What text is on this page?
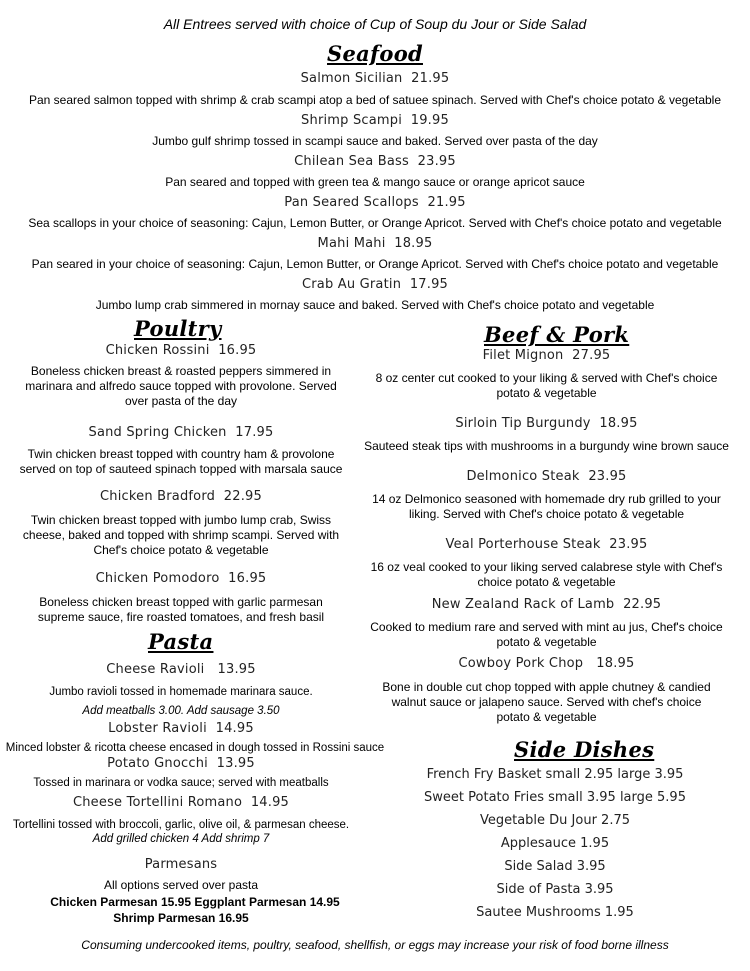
All Entrees served with choice of Cup of Soup du Jour or Side Salad
Seafood
Salmon Sicilian 21.95
Pan seared salmon topped with shrimp & crab scampi atop a bed of satuee spinach. Served with Chef's choice potato & vegetable
Shrimp Scampi 19.95
Jumbo gulf shrimp tossed in scampi sauce and baked. Served over pasta of the day
Chilean Sea Bass 23.95
Pan seared and topped with green tea & mango sauce or orange apricot sauce
Pan Seared Scallops 21.95
Sea scallops in your choice of seasoning: Cajun, Lemon Butter, or Orange Apricot. Served with Chef's choice potato and vegetable
Mahi Mahi 18.95
Pan seared in your choice of seasoning: Cajun, Lemon Butter, or Orange Apricot. Served with Chef's choice potato and vegetable
Crab Au Gratin 17.95
Jumbo lump crab simmered in mornay sauce and baked. Served with Chef's choice potato and vegetable
Poultry
Chicken Rossini 16.95
Boneless chicken breast & roasted peppers simmered in
marinara and alfredo sauce topped with provolone. Served
over pasta of the day
Sand Spring Chicken 17.95
Twin chicken breast topped with country ham & provolone
served on top of sauteed spinach topped with marsala sauce
Chicken Bradford 22.95
Twin chicken breast topped with jumbo lump crab, Swiss
cheese, baked and topped with shrimp scampi. Served with
Chef's choice potato & vegetable
Chicken Pomodoro 16.95
Boneless chicken breast topped with garlic parmesan
supreme sauce, fire roasted tomatoes, and fresh basil
Pasta
Cheese Ravioli 13.95
Jumbo ravioli tossed in homemade marinara sauce.
Add meatballs 3.00. Add sausage 3.50
Lobster Ravioli 14.95
Minced lobster & ricotta cheese encased in dough tossed in Rossini sauce
Potato Gnocchi 13.95
Tossed in marinara or vodka sauce; served with meatballs
Cheese Tortellini Romano 14.95
Tortellini tossed with broccoli, garlic, olive oil, & parmesan cheese.
Add grilled chicken 4 Add shrimp 7
Parmesans
All options served over pasta
Chicken Parmesan 15.95 Eggplant Parmesan 14.95
Shrimp Parmesan 16.95
Beef & Pork
Filet Mignon 27.95
8 oz center cut cooked to your liking & served with Chef's choice
potato & vegetable
Sirloin Tip Burgundy 18.95
Sauteed steak tips with mushrooms in a burgundy wine brown sauce
Delmonico Steak 23.95
14 oz Delmonico seasoned with homemade dry rub grilled to your
liking. Served with Chef's choice potato & vegetable
Veal Porterhouse Steak 23.95
16 oz veal cooked to your liking served calabrese style with Chef's
choice potato & vegetable
New Zealand Rack of Lamb 22.95
Cooked to medium rare and served with mint au jus, Chef's choice
potato & vegetable
Cowboy Pork Chop 18.95
Bone in double cut chop topped with apple chutney & candied
walnut sauce or jalapeno sauce. Served with chef's choice
potato & vegetable
Side Dishes
French Fry Basket small 2.95 large 3.95
Sweet Potato Fries small 3.95 large 5.95
Vegetable Du Jour 2.75
Applesauce 1.95
Side Salad 3.95
Side of Pasta 3.95
Sautee Mushrooms 1.95
Consuming undercooked items, poultry, seafood, shellfish, or eggs may increase your risk of food borne illness
